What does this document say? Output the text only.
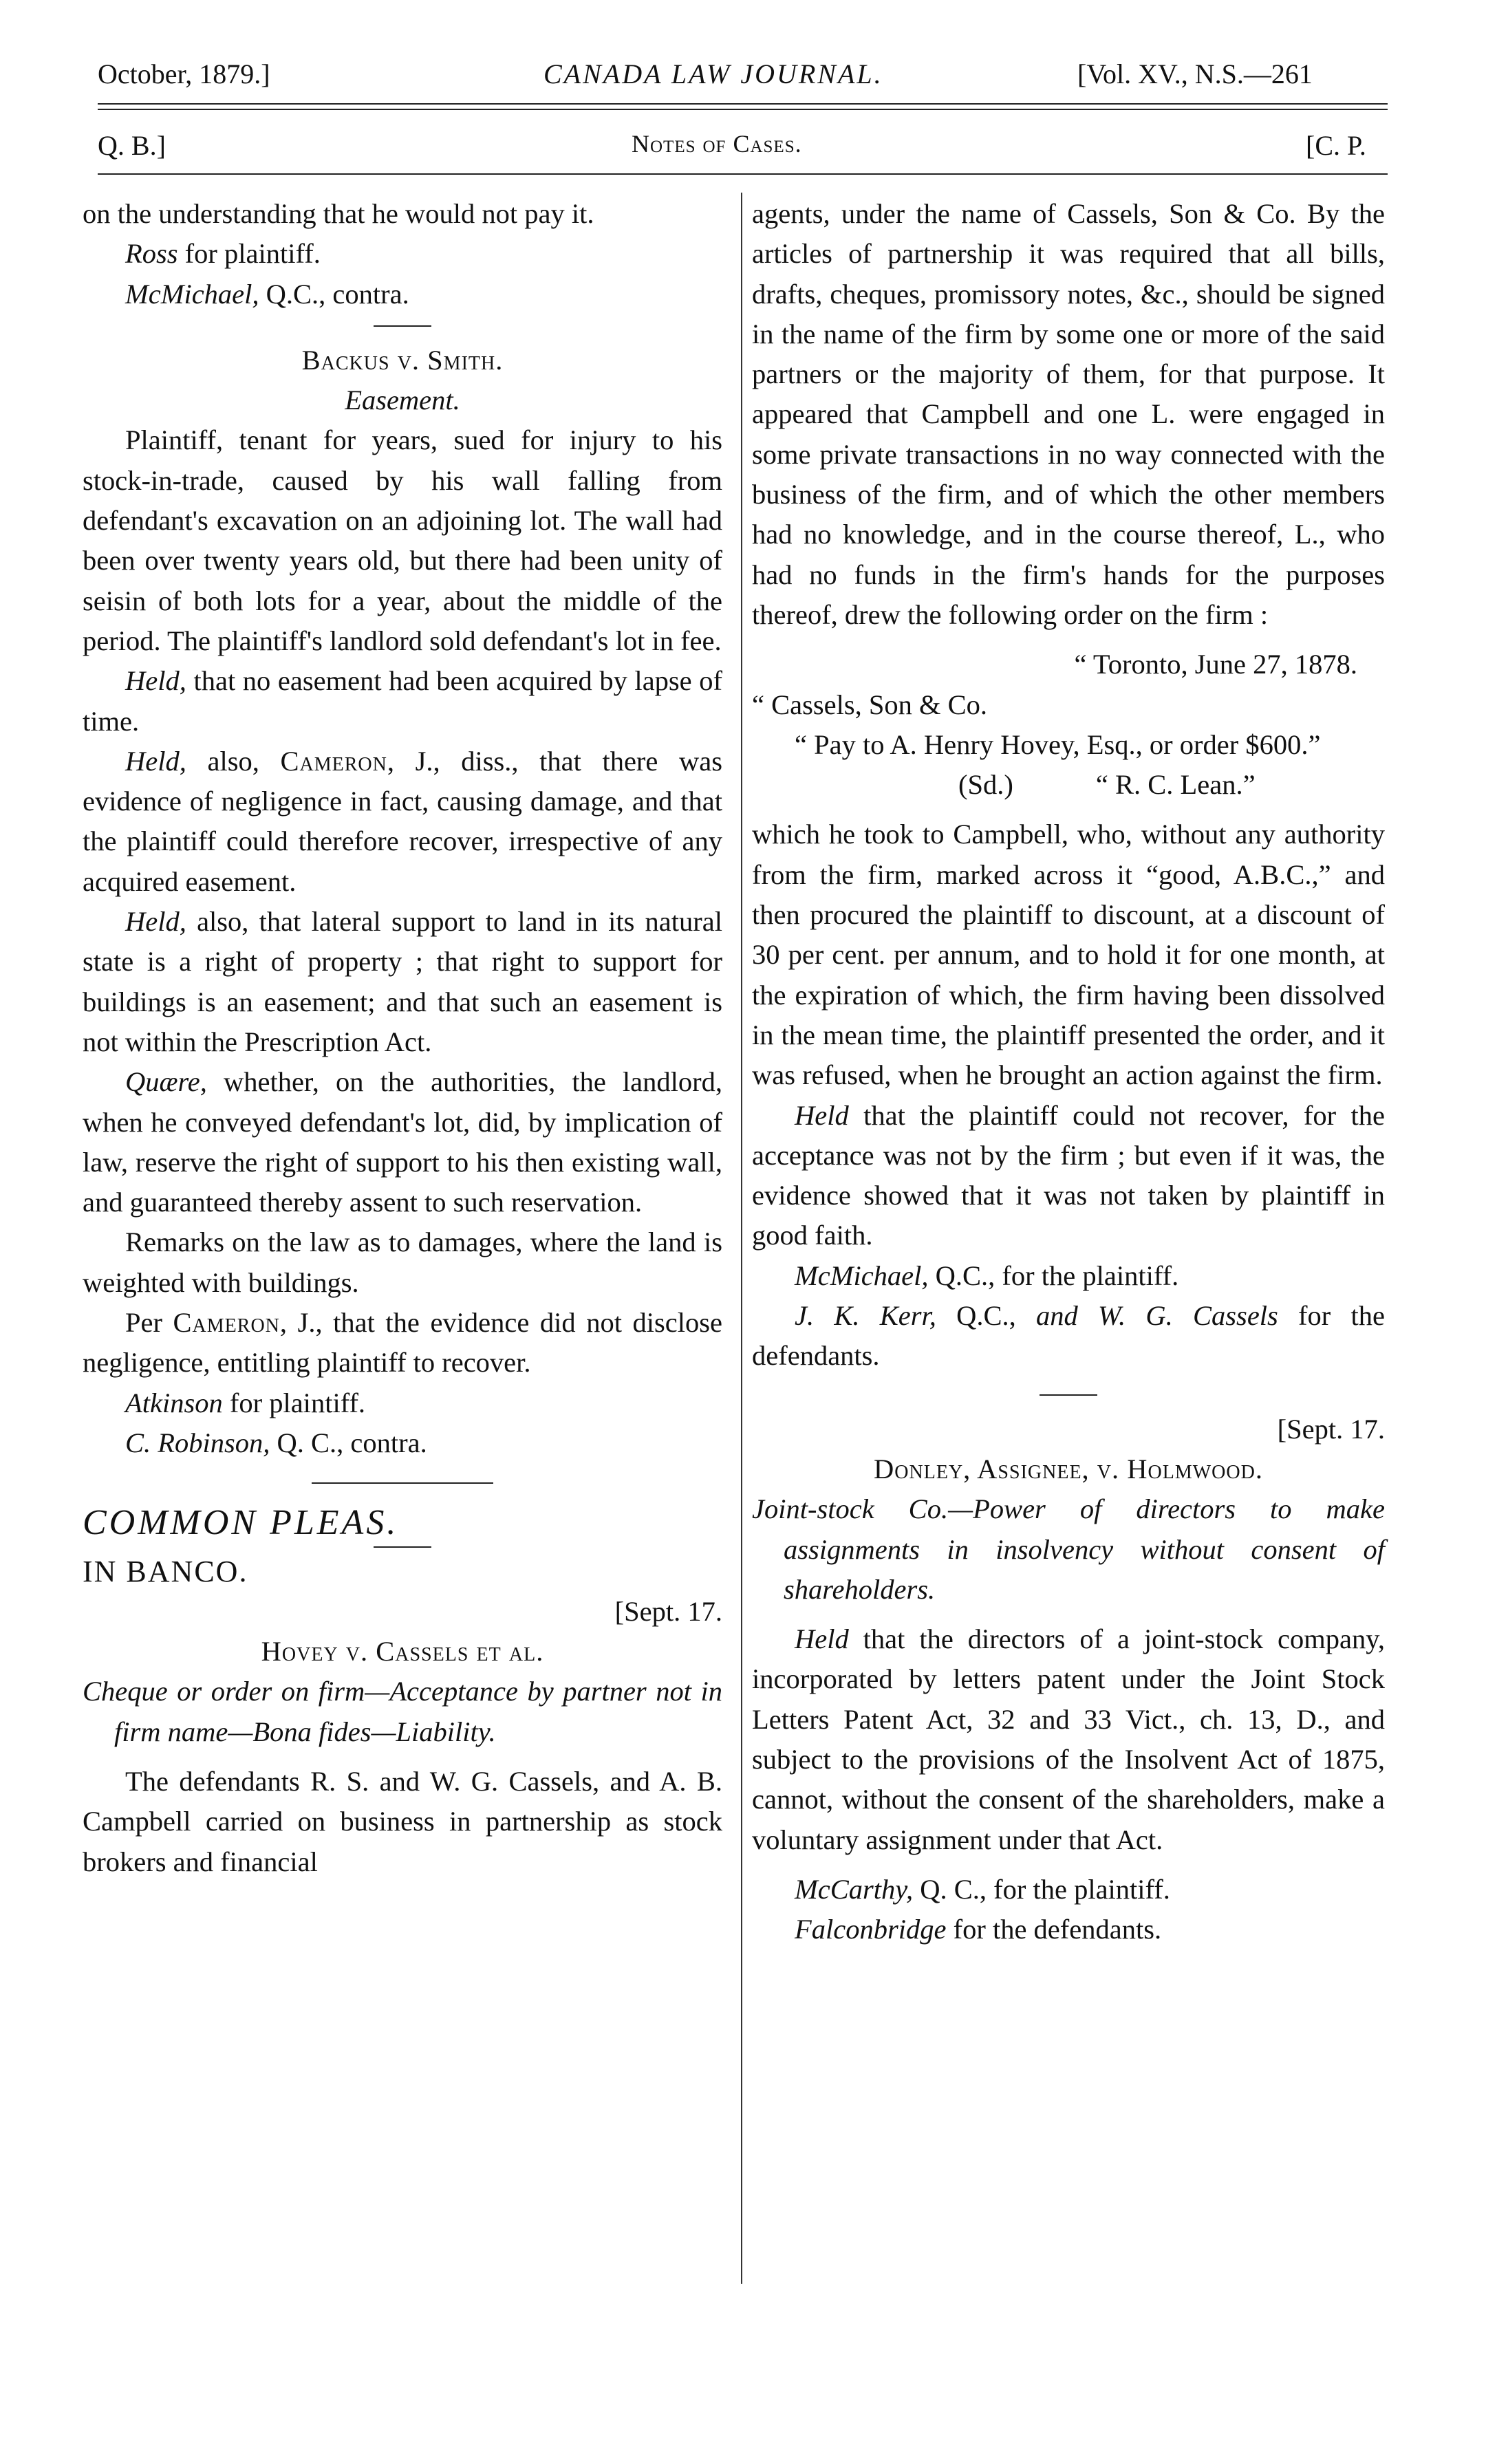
October, 1879.]	CANADA LAW JOURNAL.	[Vol. XV., N.S.—261
Q. B.]	Notes of Cases.	[C. P.

on the understanding that he would not pay it.

Ross for plaintiff.

McMichael, Q.C., contra.

Backus v. Smith.

Easement.

Plaintiff, tenant for years, sued for injury to his stock-in-trade, caused by his wall falling from defendant's excavation on an adjoining lot. The wall had been over twenty years old, but there had been unity of seisin of both lots for a year, about the middle of the period. The plaintiff's landlord sold defendant's lot in fee.

Held, that no easement had been acquired by lapse of time.

Held, also, Cameron, J., diss., that there was evidence of negligence in fact, causing damage, and that the plaintiff could therefore recover, irrespective of any acquired easement.

Held, also, that lateral support to land in its natural state is a right of property ; that right to support for buildings is an easement; and that such an easement is not within the Prescription Act.

Quære, whether, on the authorities, the landlord, when he conveyed defendant's lot, did, by implication of law, reserve the right of support to his then existing wall, and guaranteed thereby assent to such reservation.

Remarks on the law as to damages, where the land is weighted with buildings.

Per Cameron, J., that the evidence did not disclose negligence, entitling plaintiff to recover.

Atkinson for plaintiff.

C. Robinson, Q. C., contra.

COMMON PLEAS.

IN BANCO.

[Sept. 17.

Hovey v. Cassels et al.

Cheque or order on firm—Acceptance by partner not in firm name—Bona fides—Liability.

The defendants R. S. and W. G. Cassels, and A. B. Campbell carried on business in partnership as stock brokers and financial

agents, under the name of Cassels, Son & Co. By the articles of partnership it was required that all bills, drafts, cheques, promissory notes, &c., should be signed in the name of the firm by some one or more of the said partners or the majority of them, for that purpose. It appeared that Campbell and one L. were engaged in some private transactions in no way connected with the business of the firm, and of which the other members had no knowledge, and in the course thereof, L., who had no funds in the firm's hands for the purposes thereof, drew the following order on the firm :

“ Toronto, June 27, 1878.

“ Cassels, Son & Co.

“ Pay to A. Henry Hovey, Esq., or order $600.”

(Sd.)	“ R. C. Lean.”

which he took to Campbell, who, without any authority from the firm, marked across it “good, A.B.C.,” and then procured the plaintiff to discount, at a discount of 30 per cent. per annum, and to hold it for one month, at the expiration of which, the firm having been dissolved in the mean time, the plaintiff presented the order, and it was refused, when he brought an action against the firm.

Held that the plaintiff could not recover, for the acceptance was not by the firm ; but even if it was, the evidence showed that it was not taken by plaintiff in good faith.

McMichael, Q.C., for the plaintiff.

J. K. Kerr, Q.C., and W. G. Cassels for the defendants.

[Sept. 17.

Donley, Assignee, v. Holmwood.

Joint-stock Co.—Power of directors to make assignments in insolvency without consent of shareholders.

Held that the directors of a joint-stock company, incorporated by letters patent under the Joint Stock Letters Patent Act, 32 and 33 Vict., ch. 13, D., and subject to the provisions of the Insolvent Act of 1875, cannot, without the consent of the shareholders, make a voluntary assignment under that Act.

McCarthy, Q. C., for the plaintiff.

Falconbridge for the defendants.
